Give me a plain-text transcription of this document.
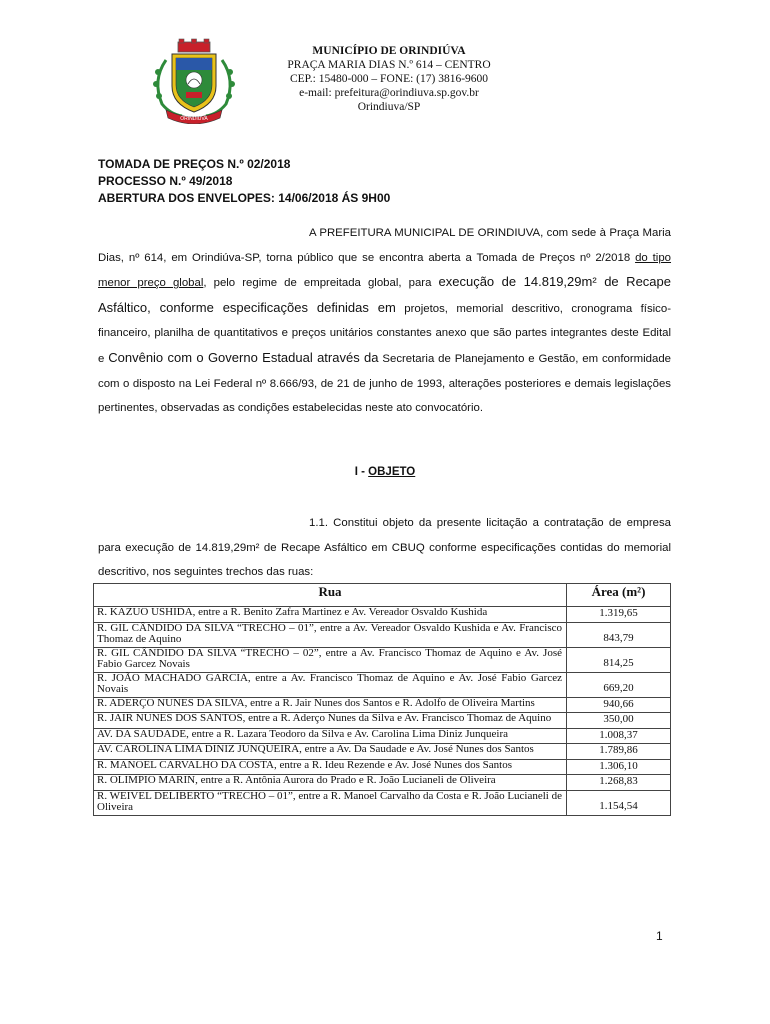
ORINDIÚVA
MUNICÍPIO DE ORINDIÚVA
PRAÇA MARIA DIAS N.º 614 – CENTRO
CEP.: 15480-000 – FONE: (17) 3816-9600
e-mail: prefeitura@orindiuva.sp.gov.br
Orindiuva/SP
TOMADA DE PREÇOS N.º 02/2018
PROCESSO N.º 49/2018
ABERTURA DOS ENVELOPES: 14/06/2018 ÁS 9H00
A PREFEITURA MUNICIPAL DE ORINDIUVA, com sede à Praça Maria Dias, nº 614, em Orindiúva-SP, torna público que se encontra aberta a Tomada de Preços nº 2/2018 do tipo menor preço global, pelo regime de empreitada global, para execução de 14.819,29m² de Recape Asfáltico, conforme especificações definidas em projetos, memorial descritivo, cronograma físico-financeiro, planilha de quantitativos e preços unitários constantes anexo que são partes integrantes deste Edital e Convênio com o Governo Estadual através da Secretaria de Planejamento e Gestão, em conformidade com o disposto na Lei Federal nº 8.666/93, de 21 de junho de 1993, alterações posteriores e demais legislações pertinentes, observadas as condições estabelecidas neste ato convocatório.
I - OBJETO
1.1. Constitui objeto da presente licitação a contratação de empresa para execução de 14.819,29m² de Recape Asfáltico em CBUQ conforme especificações contidas do memorial descritivo, nos seguintes trechos das ruas:
Rua	Área (m²)
R. KAZUO USHIDA, entre a R. Benito Zafra Martinez e Av. Vereador Osvaldo Kushida	1.319,65
R. GIL CÂNDIDO DA SILVA “TRECHO – 01”, entre a Av. Vereador Osvaldo Kushida e Av. Francisco Thomaz de Aquino	843,79
R. GIL CÂNDIDO DA SILVA “TRECHO – 02”, entre a Av. Francisco Thomaz de Aquino e Av. José Fabio Garcez Novais	814,25
R. JOÃO MACHADO GARCIA, entre a Av. Francisco Thomaz de Aquino e Av. José Fabio Garcez Novais	669,20
R. ADERÇO NUNES DA SILVA, entre a R. Jair Nunes dos Santos e R. Adolfo de Oliveira Martins	940,66
R. JAIR NUNES DOS SANTOS, entre a R. Aderço Nunes da Silva e Av. Francisco Thomaz de Aquino	350,00
AV. DA SAUDADE, entre a R. Lazara Teodoro da Silva e Av. Carolina Lima Diniz Junqueira	1.008,37
AV. CAROLINA LIMA DINIZ JUNQUEIRA, entre a Av. Da Saudade e Av. José Nunes dos Santos	1.789,86
R. MANOEL CARVALHO DA COSTA, entre a R. Ideu Rezende e Av. José Nunes dos Santos	1.306,10
R. OLIMPIO MARIN, entre a R. Antônia Aurora do Prado e R. João Lucianeli de Oliveira	1.268,83
R. WEIVEL DELIBERTO “TRECHO – 01”, entre a R. Manoel Carvalho da Costa e R. João Lucianeli de Oliveira	1.154,54
1
